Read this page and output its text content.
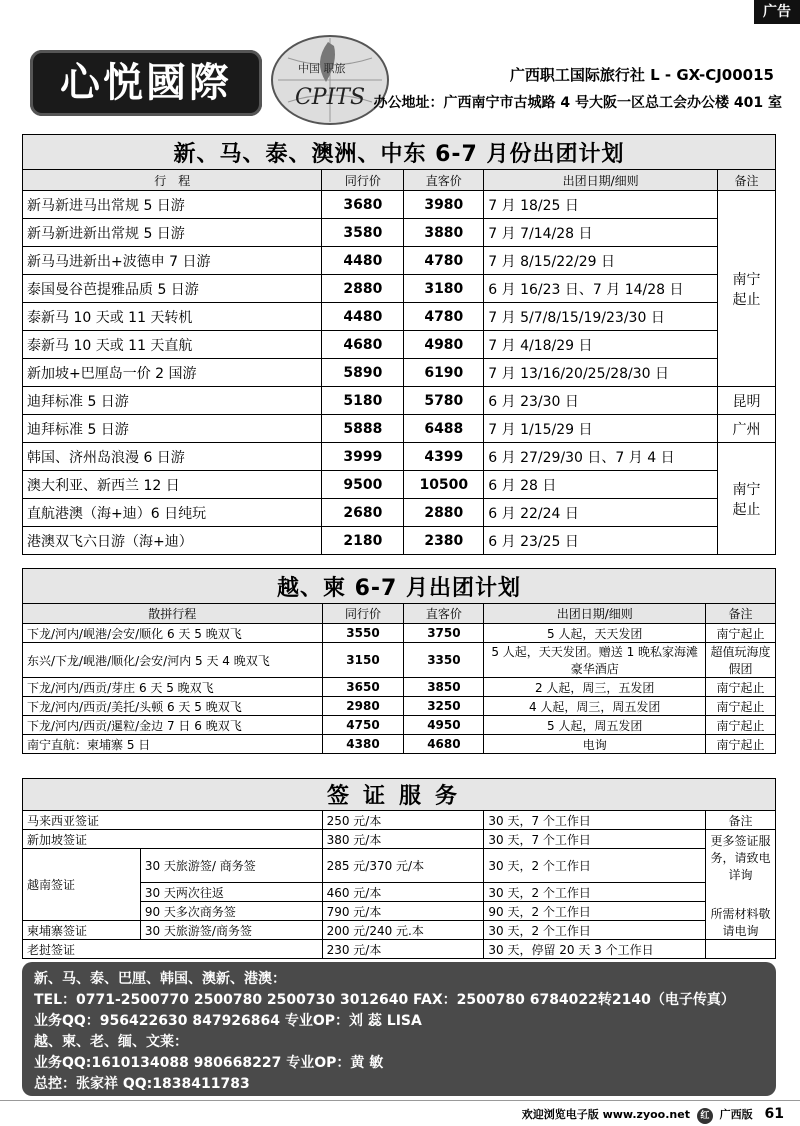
广告
心悦國際	中国 职旅
CPITS
广西职工国际旅行社 L - GX-CJ00015
办公地址：广西南宁市古城路 4 号大阪一区总工会办公楼 401 室
新、马、泰、澳洲、中东 6-7 月份出团计划				
行　程	同行价	直客价	出团日期/细则	备注
新马新进马出常规 5 日游	3680	3980	7 月 18/25 日	南宁
起止
新马新进新出常规 5 日游	3580	3880	7 月 7/14/28 日	
新马马进新出+波德申 7 日游	4480	4780	7 月 8/15/22/29 日	
泰国曼谷芭提雅品质 5 日游	2880	3180	6 月 16/23 日、7 月 14/28 日	
泰新马 10 天或 11 天转机	4480	4780	7 月 5/7/8/15/19/23/30 日	
泰新马 10 天或 11 天直航	4680	4980	7 月 4/18/29 日	
新加坡+巴厘岛一价 2 国游	5890	6190	7 月 13/16/20/25/28/30 日	
迪拜标准 5 日游	5180	5780	6 月 23/30 日	昆明
迪拜标准 5 日游	5888	6488	7 月 1/15/29 日	广州
韩国、济州岛浪漫 6 日游	3999	4399	6 月 27/29/30 日、7 月 4 日	南宁
起止
澳大利亚、新西兰 12 日	9500	10500	6 月 28 日	
直航港澳（海+迪）6 日纯玩	2680	2880	6 月 22/24 日	
港澳双飞六日游（海+迪）	2180	2380	6 月 23/25 日	
越、柬 6-7 月出团计划				
散拼行程	同行价	直客价	出团日期/细则	备注
下龙/河内/岘港/会安/顺化 6 天 5 晚双飞	3550	3750	5 人起，天天发团	南宁起止
东兴/下龙/岘港/顺化/会安/河内 5 天 4 晚双飞	3150	3350	5 人起，天天发团。赠送 1 晚私家海滩 豪华酒店	超值玩海度假团
下龙/河内/西贡/芽庄 6 天 5 晚双飞	3650	3850	2 人起，周三，五发团	南宁起止
下龙/河内/西贡/美托/头顿 6 天 5 晚双飞	2980	3250	4 人起，周三，周五发团	南宁起止
下龙/河内/西贡/暹粒/金边 7 日 6 晚双飞	4750	4950	5 人起，周五发团	南宁起止
南宁直航：柬埔寨 5 日	4380	4680	电询	南宁起止
签证服务				
马来西亚签证		250 元/本	30 天，7 个工作日	备注
新加坡签证		380 元/本	30 天，7 个工作日	更多签证服务，请致电详询
所需材料敬请电询

越南签证	30 天旅游签/ 商务签	285 元/370 元/本	30 天，2 个工作日	
	30 天两次往返	460 元/本	30 天，2 个工作日	
	90 天多次商务签	790 元/本	90 天，2 个工作日	
柬埔寨签证	30 天旅游签/商务签	200 元/240 元.本	30 天，2 个工作日	
老挝签证		230 元/本	30 天，停留 20 天 3 个工作日	
新、马、泰、巴厘、韩国、澳新、港澳：
TEL：0771-2500770 2500780 2500730 3012640 FAX：2500780 6784022转2140（电子传真）
业务QQ：956422630 847926864 专业OP：刘 蕊 LISA
越、柬、老、缅、文莱：
业务QQ:1610134088 980668227 专业OP：黄 敏
总控：张家祥 QQ:1838411783
欢迎浏览电子版 www.zyoo.net 红 广西版 61
